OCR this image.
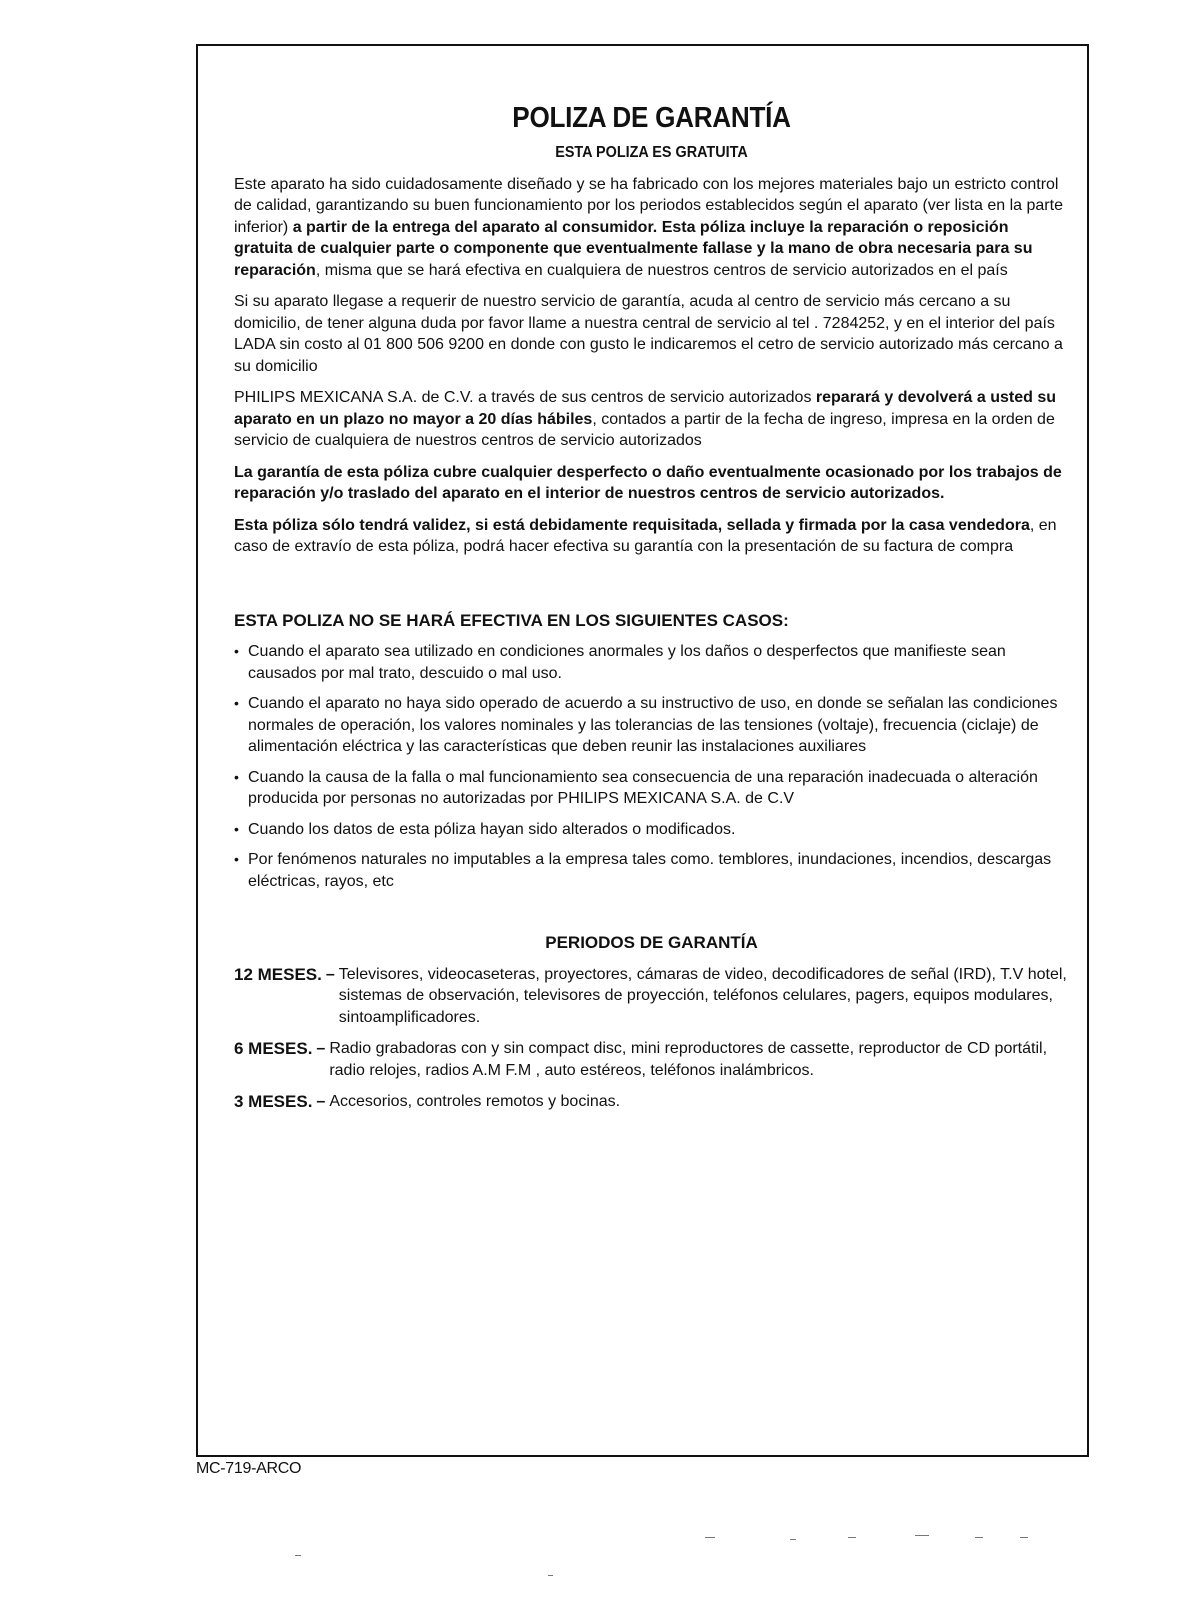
POLIZA DE GARANTÍA
ESTA POLIZA ES GRATUITA

Este aparato ha sido cuidadosamente diseñado y se ha fabricado con los mejores materiales bajo un estricto control de calidad, garantizando su buen funcionamiento por los periodos establecidos según el aparato (ver lista en la parte inferior) a partir de la entrega del aparato al consumidor. Esta póliza incluye la reparación o reposición gratuita de cualquier parte o componente que eventualmente fallase y la mano de obra necesaria para su reparación, misma que se hará efectiva en cualquiera de nuestros centros de servicio autorizados en el país

Si su aparato llegase a requerir de nuestro servicio de garantía, acuda al centro de servicio más cercano a su domicilio, de tener alguna duda por favor llame a nuestra central de servicio al tel . 7284252, y en el interior del país LADA sin costo al 01 800 506 9200 en donde con gusto le indicaremos el cetro de servicio autorizado más cercano a su domicilio

PHILIPS MEXICANA S.A. de C.V. a través de sus centros de servicio autorizados reparará y devolverá a usted su aparato en un plazo no mayor a 20 días hábiles, contados a partir de la fecha de ingreso, impresa en la orden de servicio de cualquiera de nuestros centros de servicio autorizados

La garantía de esta póliza cubre cualquier desperfecto o daño eventualmente ocasionado por los trabajos de reparación y/o traslado del aparato en el interior de nuestros centros de servicio autorizados.

Esta póliza sólo tendrá validez, si está debidamente requisitada, sellada y firmada por la casa vendedora, en caso de extravío de esta póliza, podrá hacer efectiva su garantía con la presentación de su factura de compra

ESTA POLIZA NO SE HARÁ EFECTIVA EN LOS SIGUIENTES CASOS:
• Cuando el aparato sea utilizado en condiciones anormales y los daños o desperfectos que manifieste sean causados por mal trato, descuido o mal uso.
• Cuando el aparato no haya sido operado de acuerdo a su instructivo de uso, en donde se señalan las condiciones normales de operación, los valores nominales y las tolerancias de las tensiones (voltaje), frecuencia (ciclaje) de alimentación eléctrica y las características que deben reunir las instalaciones auxiliares
• Cuando la causa de la falla o mal funcionamiento sea consecuencia de una reparación inadecuada o alteración producida por personas no autorizadas por PHILIPS MEXICANA S.A. de C.V
• Cuando los datos de esta póliza hayan sido alterados o modificados.
• Por fenómenos naturales no imputables a la empresa tales como. temblores, inundaciones, incendios, descargas eléctricas, rayos, etc
PERIODOS DE GARANTÍA
12 MESES. – Televisores, videocaseteras, proyectores, cámaras de video, decodificadores de señal (IRD), T.V hotel, sistemas de observación, televisores de proyección, teléfonos celulares, pagers, equipos modulares, sintoamplificadores.
6 MESES. – Radio grabadoras con y sin compact disc, mini reproductores de cassette, reproductor de CD portátil, radio relojes, radios A.M F.M , auto estéreos, teléfonos inalámbricos.
3 MESES. – Accesorios, controles remotos y bocinas.
MC-719-ARCO
